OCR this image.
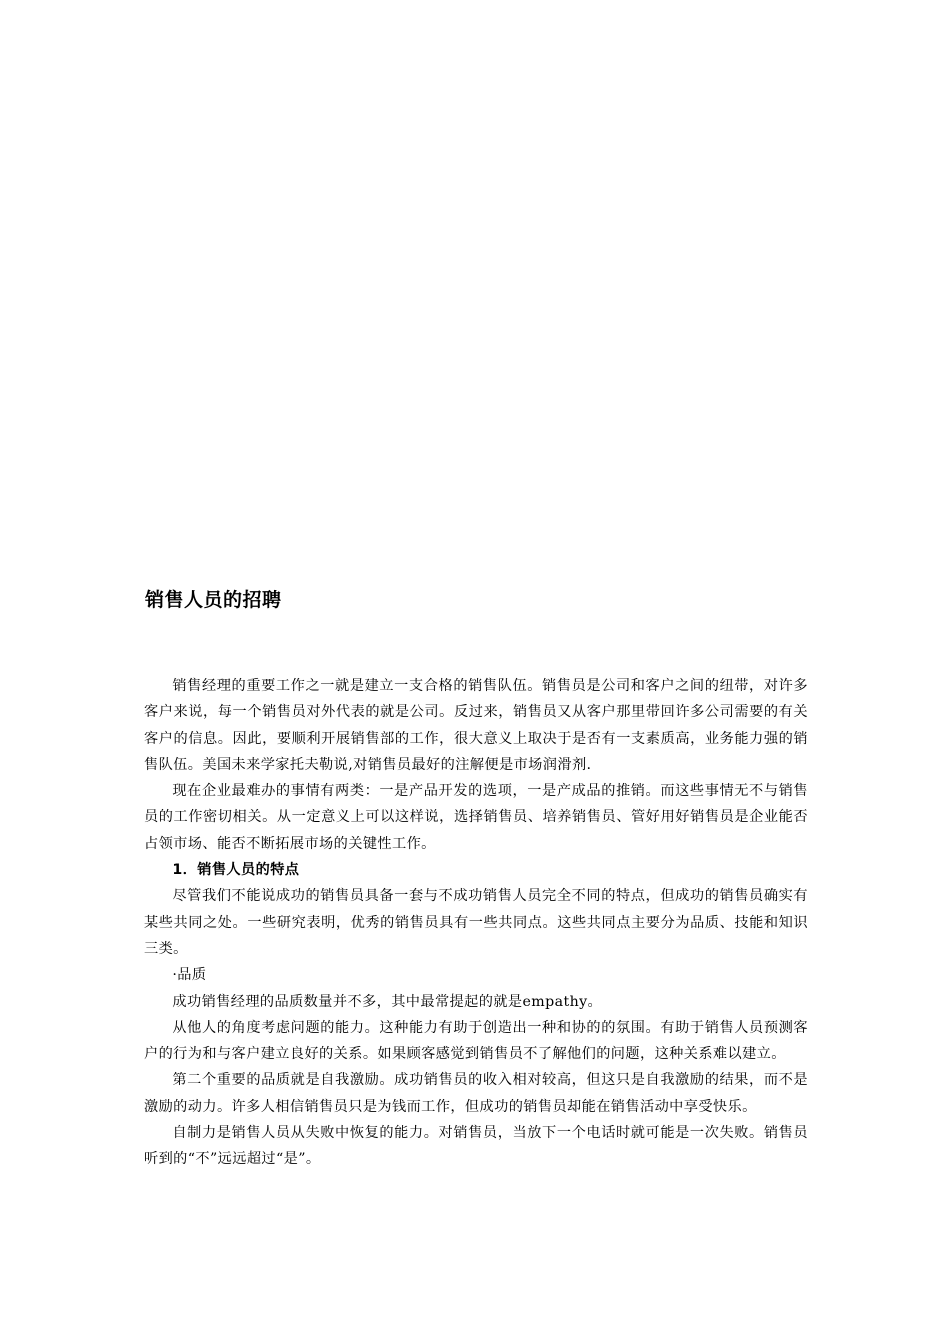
销售人员的招聘

销售经理的重要工作之一就是建立一支合格的销售队伍。销售员是公司和客户之间的纽带，对许多客户来说，每一个销售员对外代表的就是公司。反过来，销售员又从客户那里带回许多公司需要的有关客户的信息。因此，要顺利开展销售部的工作，很大意义上取决于是否有一支素质高，业务能力强的销售队伍。美国未来学家托夫勒说,对销售员最好的注解便是市场润滑剂.

现在企业最难办的事情有两类：一是产品开发的选项，一是产成品的推销。而这些事情无不与销售员的工作密切相关。从一定意义上可以这样说，选择销售员、培养销售员、管好用好销售员是企业能否占领市场、能否不断拓展市场的关键性工作。

1．销售人员的特点

尽管我们不能说成功的销售员具备一套与不成功销售人员完全不同的特点，但成功的销售员确实有某些共同之处。一些研究表明，优秀的销售员具有一些共同点。这些共同点主要分为品质、技能和知识三类。

·品质

成功销售经理的品质数量并不多，其中最常提起的就是empathy。

从他人的角度考虑问题的能力。这种能力有助于创造出一种和协的的氛围。有助于销售人员预测客户的行为和与客户建立良好的关系。如果顾客感觉到销售员不了解他们的问题，这种关系难以建立。

第二个重要的品质就是自我激励。成功销售员的收入相对较高，但这只是自我激励的结果，而不是激励的动力。许多人相信销售员只是为钱而工作，但成功的销售员却能在销售活动中享受快乐。

自制力是销售人员从失败中恢复的能力。对销售员，当放下一个电话时就可能是一次失败。销售员听到的“不”远远超过“是”。
